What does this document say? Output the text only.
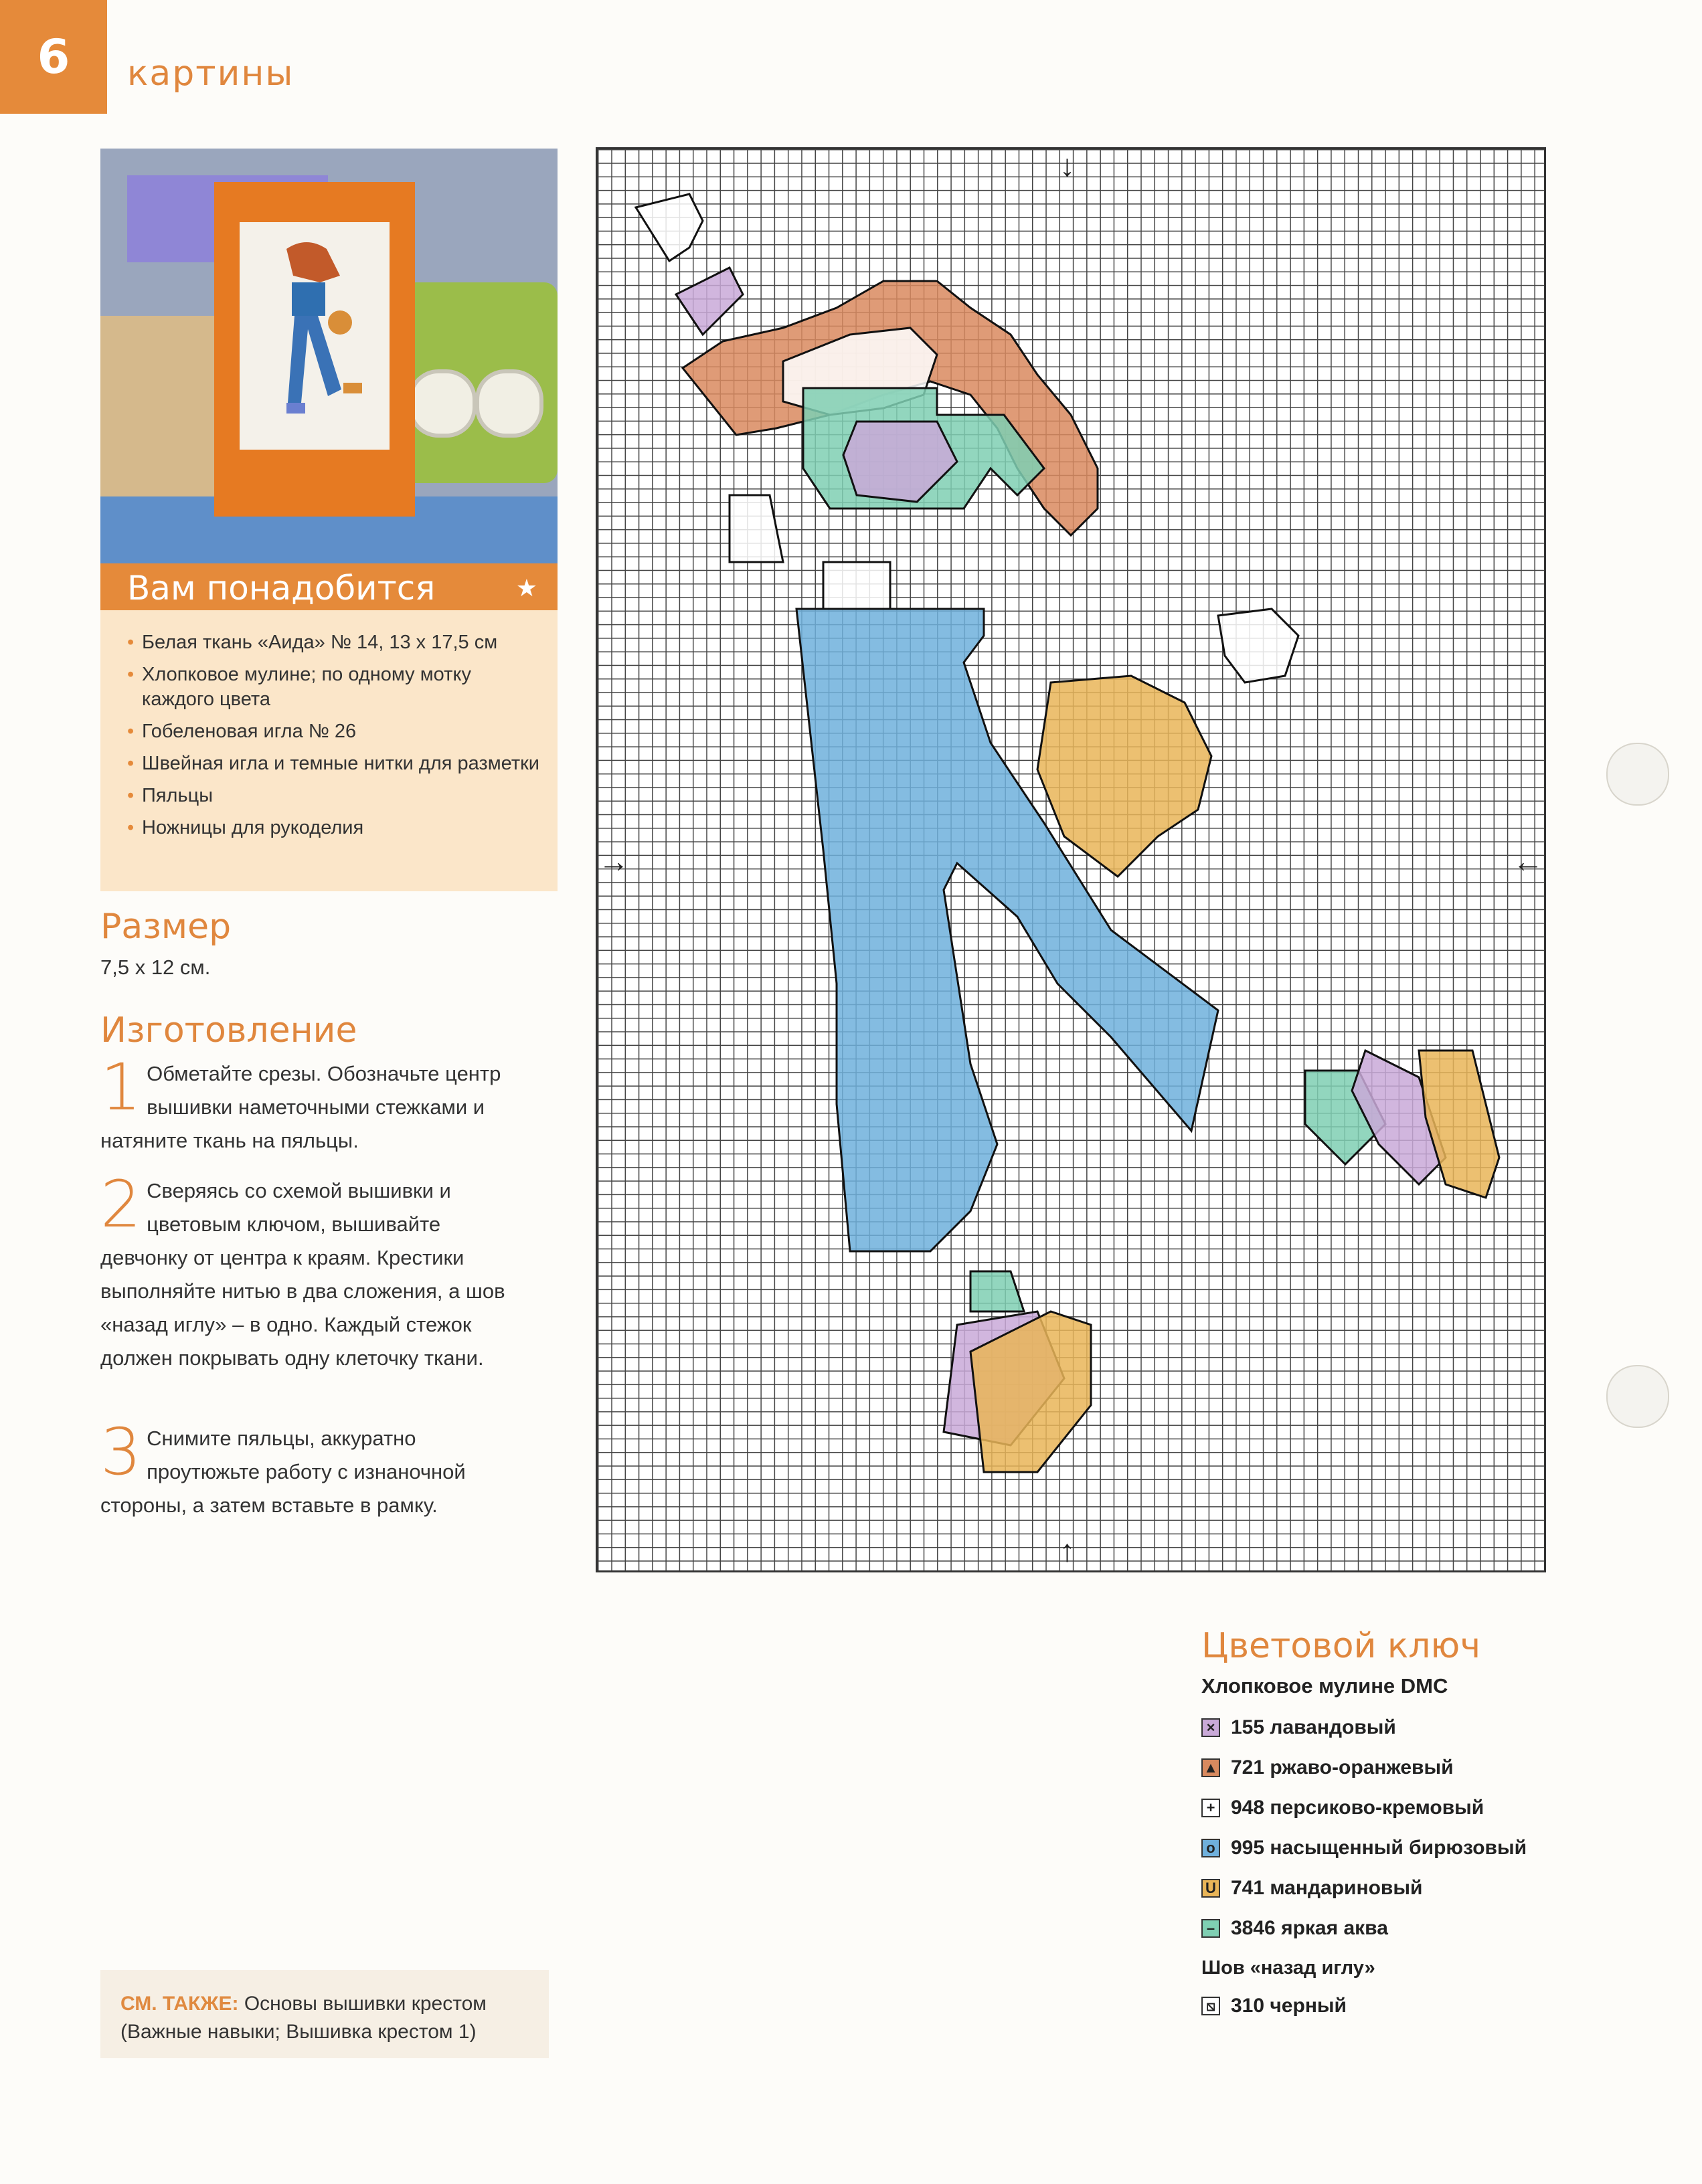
6	картины
Вам понадобится	★
• Белая ткань «Аида» № 14, 13 х 17,5 см
• Хлопковое мулине; по одному мотку каждого цвета
• Гобеленовая игла № 26
• Швейная игла и темные нитки для разметки
• Пяльцы
• Ножницы для рукоделия
Размер
7,5 х 12 см.
Изготовление
1 Обметайте срезы. Обозначьте центр вышивки наметочными стежками и натяните ткань на пяльцы.
2 Сверяясь со схемой вышивки и цветовым ключом, вышивайте девчонку от центра к краям. Крестики выполняйте нитью в два сложения, а шов «назад иглу» – в одно. Каждый стежок должен покрывать одну клеточку ткани.
3 Снимите пяльцы, аккуратно проутюжьте работу с изнаночной стороны, а затем вставьте в рамку.
СМ. ТАКЖЕ: Основы вышивки крестом (Важные навыки; Вышивка крестом 1)
↓
↑
→	←
Цветовой ключ
Хлопковое мулине DMC
× 155 лавандовый
▲ 721 ржаво-оранжевый
+ 948 персиково-кремовый
o 995 насыщенный бирюзовый
U 741 мандариновый
– 3846 яркая аква
Шов «назад иглу»
⧅ 310 черный
